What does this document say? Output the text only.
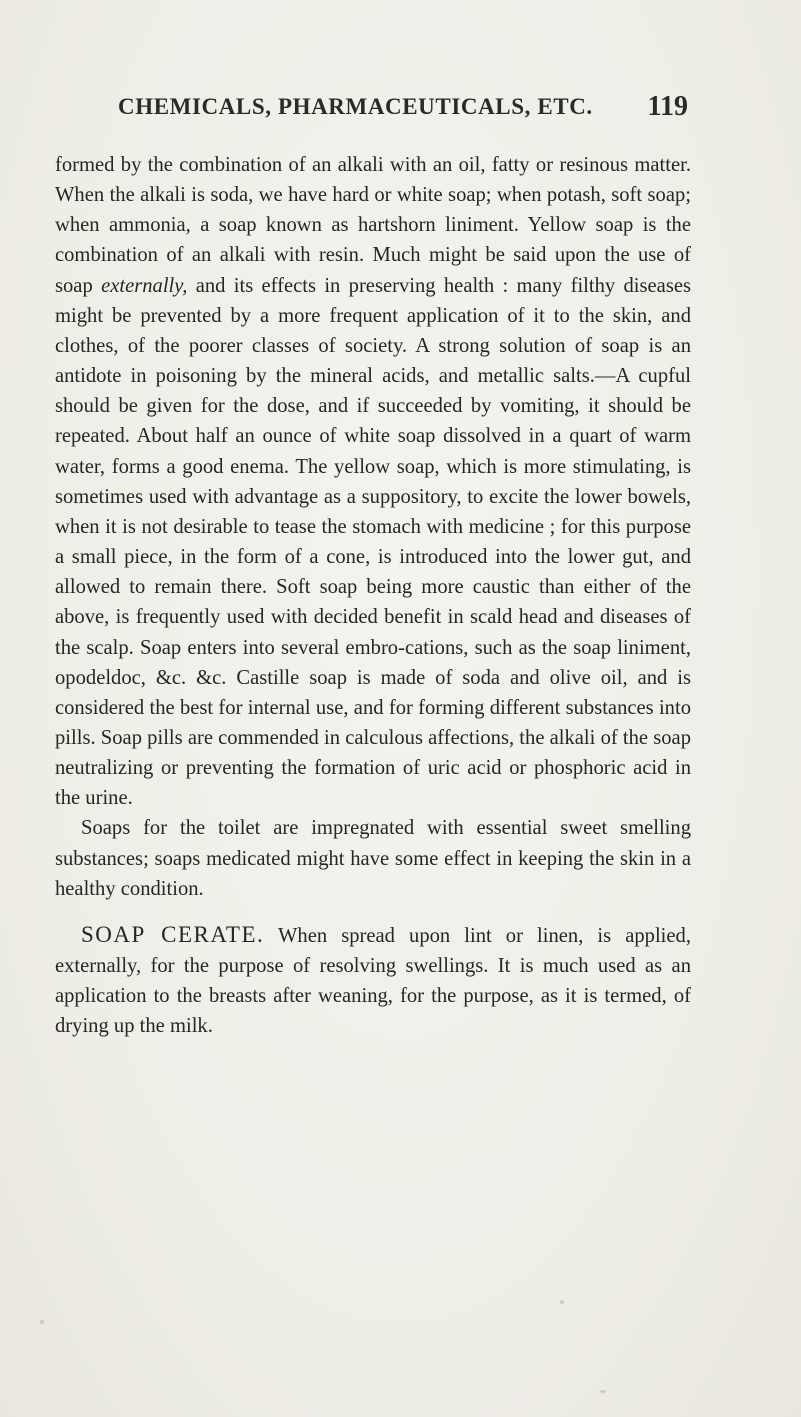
CHEMICALS, PHARMACEUTICALS, ETC. 119

formed by the combination of an alkali with an oil, fatty or resinous matter. When the alkali is soda, we have hard or white soap; when potash, soft soap; when ammonia, a soap known as hartshorn liniment. Yellow soap is the combination of an alkali with resin. Much might be said upon the use of soap externally, and its effects in preserving health : many filthy diseases might be prevented by a more frequent application of it to the skin, and clothes, of the poorer classes of society. A strong solution of soap is an antidote in poisoning by the mineral acids, and metallic salts.—A cupful should be given for the dose, and if succeeded by vomiting, it should be repeated. About half an ounce of white soap dissolved in a quart of warm water, forms a good enema. The yellow soap, which is more stimulating, is sometimes used with advantage as a suppository, to excite the lower bowels, when it is not desirable to tease the stomach with medicine ; for this purpose a small piece, in the form of a cone, is introduced into the lower gut, and allowed to remain there. Soft soap being more caustic than either of the above, is frequently used with decided benefit in scald head and diseases of the scalp. Soap enters into several embro-cations, such as the soap liniment, opodeldoc, &c. &c. Castille soap is made of soda and olive oil, and is considered the best for internal use, and for forming different substances into pills. Soap pills are commended in calculous affections, the alkali of the soap neutralizing or preventing the formation of uric acid or phosphoric acid in the urine.

Soaps for the toilet are impregnated with essential sweet smelling substances; soaps medicated might have some effect in keeping the skin in a healthy condition.

SOAP CERATE. When spread upon lint or linen, is applied, externally, for the purpose of resolving swellings. It is much used as an application to the breasts after weaning, for the purpose, as it is termed, of drying up the milk.
